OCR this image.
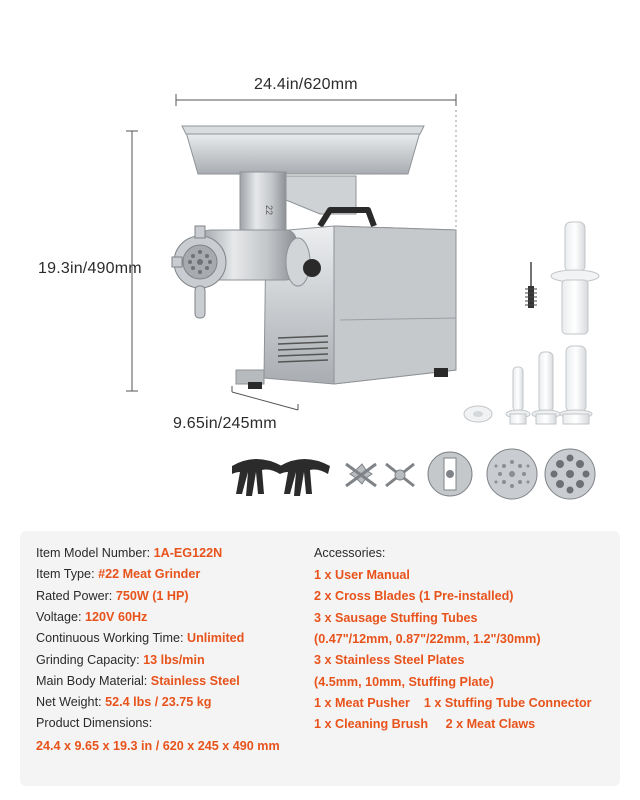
24.4in/620mm
19.3in/490mm
9.65in/245mm
22
Item Model Number: 1A-EG122N
Item Type: #22 Meat Grinder
Rated Power: 750W (1 HP)
Voltage: 120V 60Hz
Continuous Working Time: Unlimited
Grinding Capacity: 13 lbs/min
Main Body Material: Stainless Steel
Net Weight: 52.4 lbs / 23.75 kg
Product Dimensions:
24.4 x 9.65 x 19.3 in / 620 x 245 x 490 mm
Accessories:
1 x User Manual
2 x Cross Blades (1 Pre-installed)
3 x Sausage Stuffing Tubes
(0.47"/12mm, 0.87"/22mm, 1.2"/30mm)
3 x Stainless Steel Plates
(4.5mm, 10mm, Stuffing Plate)
1 x Meat Pusher    1 x Stuffing Tube Connector
1 x Cleaning Brush     2 x Meat Claws
